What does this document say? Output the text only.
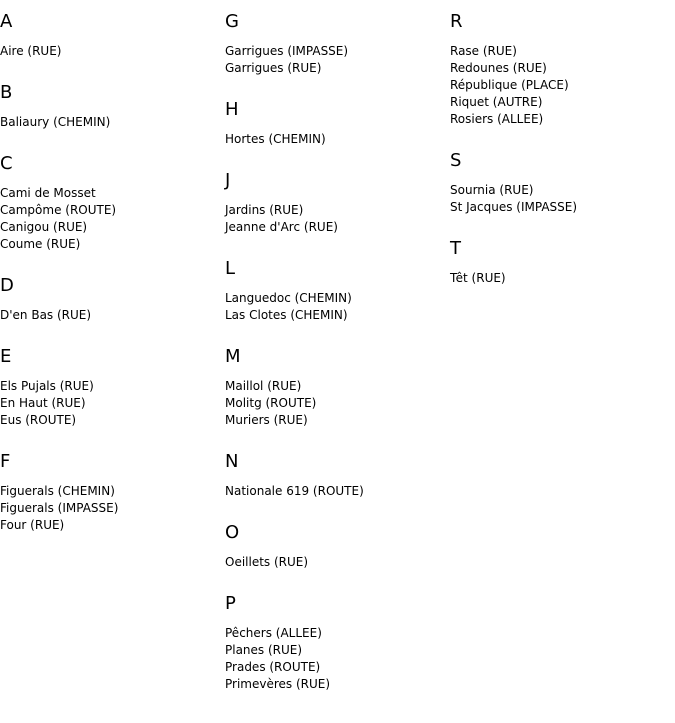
A
Aire (RUE)
B
Baliaury (CHEMIN)
C
Cami de Mosset
Campôme (ROUTE)
Canigou (RUE)
Coume (RUE)
D
D'en Bas (RUE)
E
Els Pujals (RUE)
En Haut (RUE)
Eus (ROUTE)
F
Figuerals (CHEMIN)
Figuerals (IMPASSE)
Four (RUE)
G
Garrigues (IMPASSE)
Garrigues (RUE)
H
Hortes (CHEMIN)
J
Jardins (RUE)
Jeanne d'Arc (RUE)
L
Languedoc (CHEMIN)
Las Clotes (CHEMIN)
M
Maillol (RUE)
Molitg (ROUTE)
Muriers (RUE)
N
Nationale 619 (ROUTE)
O
Oeillets (RUE)
P
Pêchers (ALLEE)
Planes (RUE)
Prades (ROUTE)
Primevères (RUE)
R
Rase (RUE)
Redounes (RUE)
République (PLACE)
Riquet (AUTRE)
Rosiers (ALLEE)
S
Sournia (RUE)
St Jacques (IMPASSE)
T
Têt (RUE)
